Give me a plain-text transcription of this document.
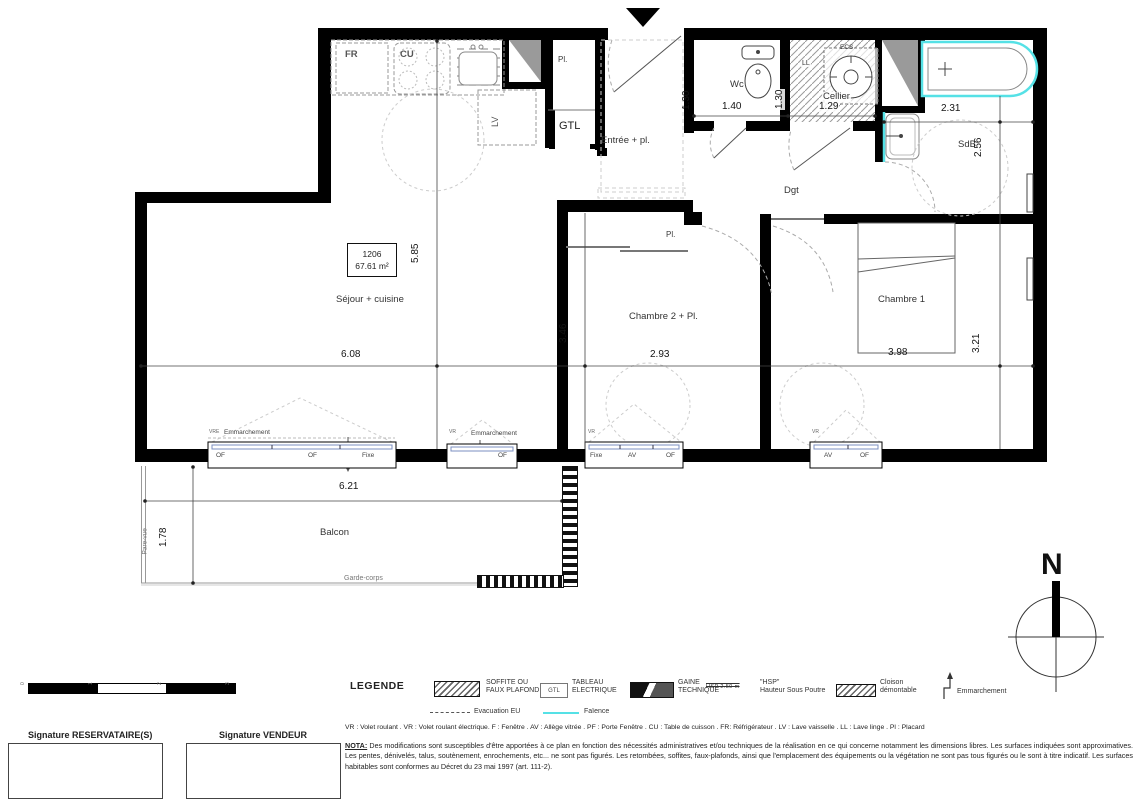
1206
67.61 m²
Séjour + cuisine
Entrée + pl.
Wc
Cellier
SdB
Dgt
Chambre 2 + Pl.
Chambre 1
Balcon
Pl.
Pl.
GTL
LV
FR	CU
LL
ECS
Pare-vue
Garde-corps
5.85
6.08
3.46
2.93	3.98	3.21
1.30	1.40	1.30	1.29	2.31
2.56
6.21
1.78
VRE Emmarchement
OF	OF	Fixe
VR Emmarchement
OF
VR
Fixe	AV	OF
VR
AV	OF
N
0	1	2	3
Signature RESERVATAIRE(S)	Signature VENDEUR
LEGENDE	SOFFITE OU
FAUX PLAFOND	GTL
TABLEAU
ELECTRIQUE
GAINE
TECHNIQUE
HSP 2.50 m
"HSP"
Hauteur Sous Poutre
Cloison
démontable	Emmarchement
Evacuation EU	Faïence
VR : Volet roulant . VR : Volet roulant électrique. F : Fenêtre . AV : Allège vitrée . PF : Porte Fenêtre . CU : Table de cuisson . FR: Réfrigérateur . LV : Lave vaisselle . LL : Lave linge . Pl : Placard
NOTA: Des modifications sont susceptibles d'être apportées à ce plan en fonction des nécessités administratives et/ou techniques de la réalisation en ce qui concerne notamment les dimensions libres. Les surfaces indiquées sont approximatives. Les pentes, dénivelés, talus, soutènement, enrochements, etc... ne sont pas figurés. Les retombées, soffites, faux-plafonds, ainsi que l'emplacement des équipements ou la végétation ne sont pas tous figurés ou le sont à titre indicatif. Les surfaces habitables sont conformes au Décret du 23 mai 1997 (art. 111-2).
